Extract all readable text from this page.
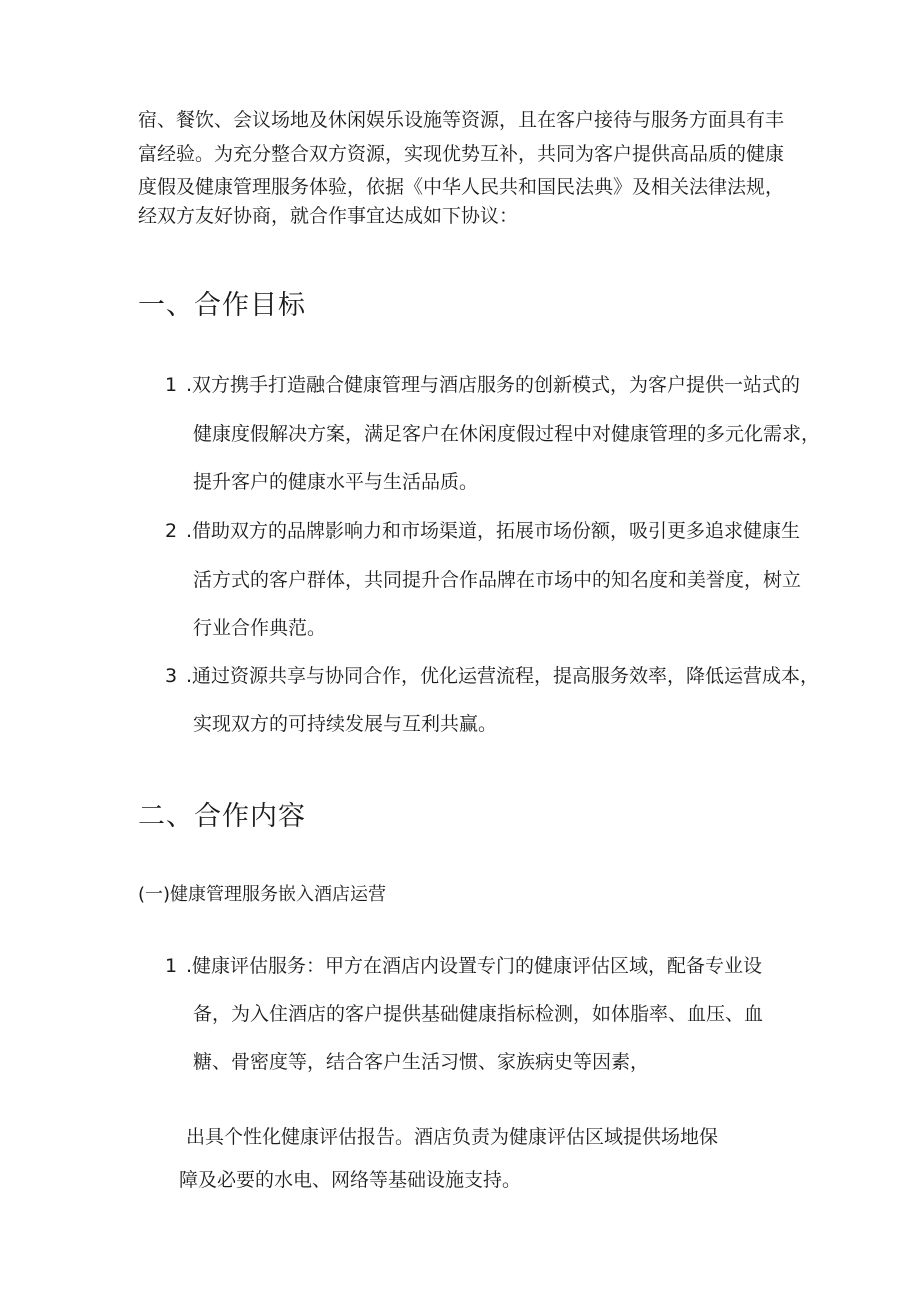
宿、餐饮、会议场地及休闲娱乐设施等资源，且在客户接待与服务方面具有丰
富经验。为充分整合双方资源，实现优势互补，共同为客户提供高品质的健康
度假及健康管理服务体验，依据《中华人民共和国民法典》及相关法律法规，
经双方友好协商，就合作事宜达成如下协议：
一、合作目标
1 .双方携手打造融合健康管理与酒店服务的创新模式，为客户提供一站式的
健康度假解决方案，满足客户在休闲度假过程中对健康管理的多元化需求，
提升客户的健康水平与生活品质。
2 .借助双方的品牌影响力和市场渠道，拓展市场份额，吸引更多追求健康生
活方式的客户群体，共同提升合作品牌在市场中的知名度和美誉度，树立
行业合作典范。
3 .通过资源共享与协同合作，优化运营流程，提高服务效率，降低运营成本，
实现双方的可持续发展与互利共赢。
二、合作内容
(一)健康管理服务嵌入酒店运营
1 .健康评估服务：甲方在酒店内设置专门的健康评估区域，配备专业设
备，为入住酒店的客户提供基础健康指标检测，如体脂率、血压、血
糖、骨密度等，结合客户生活习惯、家族病史等因素，
出具个性化健康评估报告。酒店负责为健康评估区域提供场地保
障及必要的水电、网络等基础设施支持。
